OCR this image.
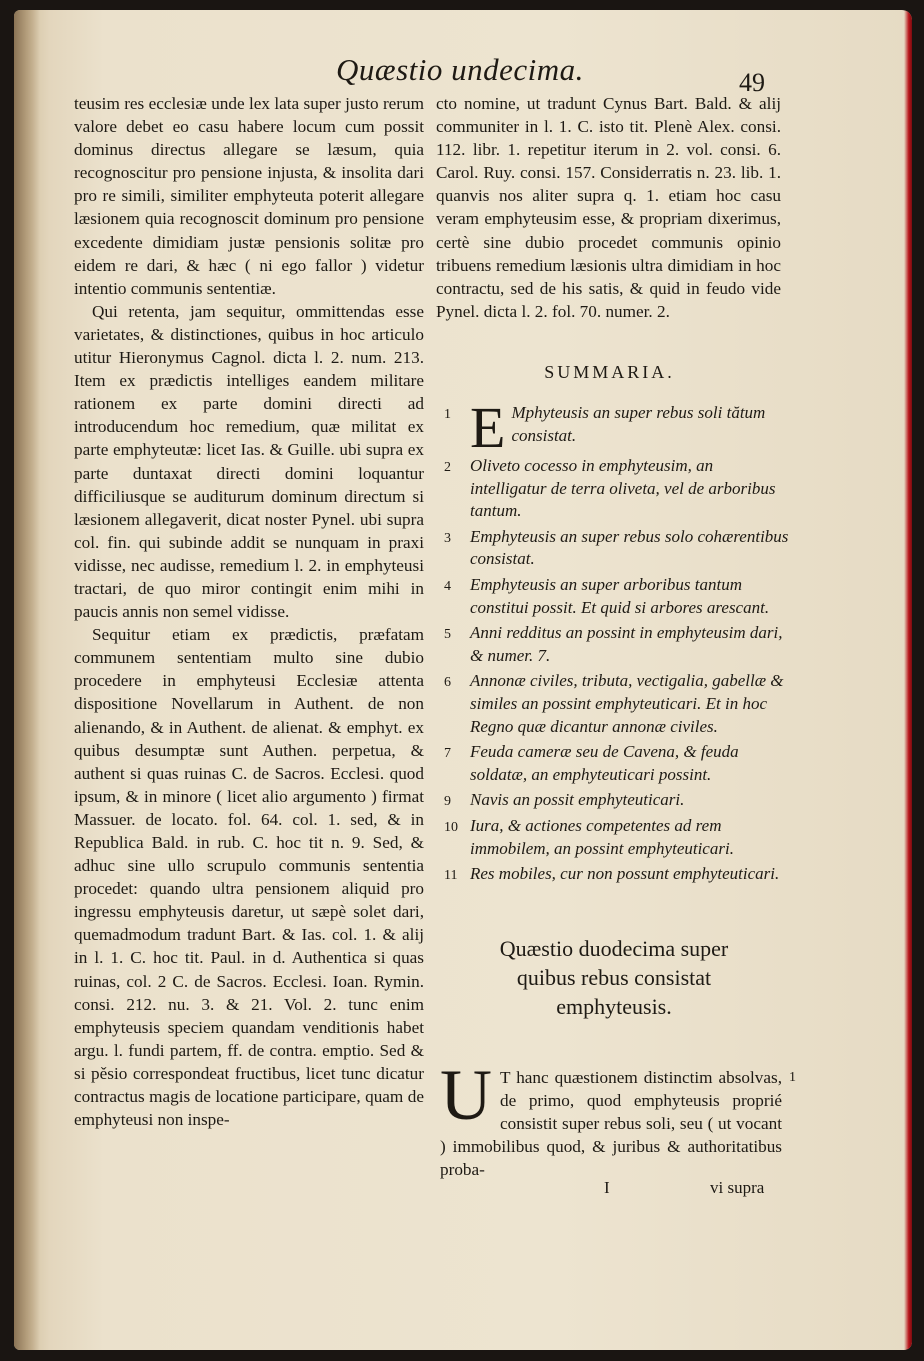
Quæstio undecima.	49

teusim res ecclesiæ unde lex lata super justo rerum valore debet eo casu habere locum cum possit dominus directus allegare se læsum, quia recognoscitur pro pensione injusta, & insolita dari pro re simili, similiter emphyteuta poterit allegare læsionem quia recognoscit dominum pro pensione excedente dimidiam justæ pensionis solitæ pro eidem re dari, & hæc ( ni ego fallor ) videtur intentio communis sententiæ.

Qui retenta, jam sequitur, ommittendas esse varietates, & distinctiones, quibus in hoc articulo utitur Hieronymus Cagnol. dicta l. 2. num. 213. Item ex prædictis intelliges eandem militare rationem ex parte domini directi ad introducendum hoc remedium, quæ militat ex parte emphyteutæ: licet Ias. & Guille. ubi supra ex parte duntaxat directi domini loquantur difficiliusque se auditurum dominum directum si læsionem allegaverit, dicat noster Pynel. ubi supra col. fin. qui subinde addit se nunquam in praxi vidisse, nec audisse, remedium l. 2. in emphyteusi tractari, de quo miror contingit enim mihi in paucis annis non semel vidisse.

Sequitur etiam ex prædictis, præfatam communem sententiam multo sine dubio procedere in emphyteusi Ecclesiæ attenta dispositione Novellarum in Authent. de non alienando, & in Authent. de alienat. & emphyt. ex quibus desumptæ sunt Authen. perpetua, & authent si quas ruinas C. de Sacros. Ecclesi. quod ipsum, & in minore ( licet alio argumento ) firmat Massuer. de locato. fol. 64. col. 1. sed, & in Republica Bald. in rub. C. hoc tit n. 9. Sed, & adhuc sine ullo scrupulo communis sententia procedet: quando ultra pensionem aliquid pro ingressu emphyteusis daretur, ut sæpè solet dari, quemadmodum tradunt Bart. & Ias. col. 1. & alij in l. 1. C. hoc tit. Paul. in d. Authentica si quas ruinas, col. 2 C. de Sacros. Ecclesi. Ioan. Rymin. consi. 212. nu. 3. & 21. Vol. 2. tunc enim emphyteusis speciem quandam venditionis habet argu. l. fundi partem, ff. de contra. emptio. Sed & si pěsio correspondeat fructibus, licet tunc dicatur contractus magis de locatione participare, quam de emphyteusi non inspe-

cto nomine, ut tradunt Cynus Bart. Bald. & alij communiter in l. 1. C. isto tit. Plenè Alex. consi. 112. libr. 1. repetitur iterum in 2. vol. consi. 6. Carol. Ruy. consi. 157. Considerratis n. 23. lib. 1. quanvis nos aliter supra q. 1. etiam hoc casu veram emphyteusim esse, & propriam dixerimus, certè sine dubio procedet communis opinio tribuens remedium læsionis ultra dimidiam in hoc contractu, sed de his satis, & quid in feudo vide Pynel. dicta l. 2. fol. 70. numer. 2.

SUMMARIA.
1 E Mphyteusis an super rebus soli tătum consistat.
2 Oliveto cocesso in emphyteusim, an intelligatur de terra oliveta, vel de arboribus tantum.
3 Emphyteusis an super rebus solo cohærentibus consistat.
4 Emphyteusis an super arboribus tantum constitui possit. Et quid si arbores arescant.
5 Anni redditus an possint in emphyteusim dari, & numer. 7.
6 Annonæ civiles, tributa, vectigalia, gabellæ & similes an possint emphyteuticari. Et in hoc Regno quæ dicantur annonæ civiles.
7 Feuda cameræ seu de Cavena, & feuda soldatæ, an emphyteuticari possint.
9 Navis an possit emphyteuticari.
10 Iura, & actiones competentes ad rem immobilem, an possint emphyteuticari.
11 Res mobiles, cur non possunt emphyteuticari.
Quæstio duodecima super quibus rebus consistat emphyteusis.
U T hanc quæstionem distinctim absolvas, de primo, quod emphyteusis proprié consistit super rebus soli, seu ( ut vocant ) immobilibus quod, & juribus & authoritatibus proba-
1
I	vi supra
